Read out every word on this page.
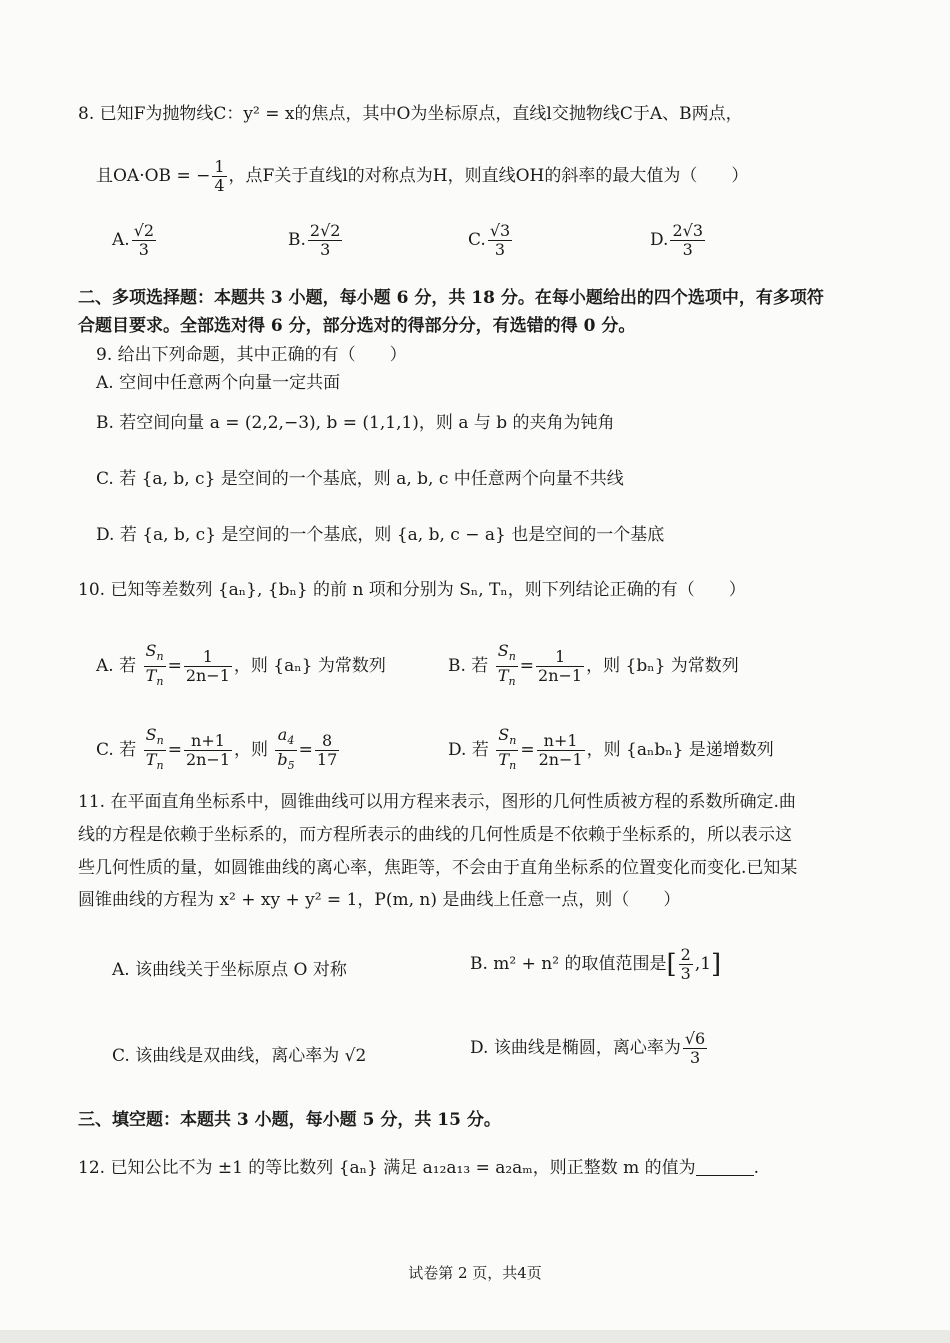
8. 已知F为抛物线C：y² = x的焦点，其中O为坐标原点，直线l交抛物线C于A、B两点，
且OA·OB = − $\frac{1}{4}$ ，点F关于直线l的对称点为H，则直线OH的斜率的最大值为（　　）
A. $\frac{√2}{3}$	B. $\frac{2√2}{3}$	C. $\frac{√3}{3}$	D. $\frac{2√3}{3}$
二、多项选择题：本题共 3 小题，每小题 6 分，共 18 分。在每小题给出的四个选项中，有多项符
合题目要求。全部选对得 6 分，部分选对的得部分分，有选错的得 0 分。
9. 给出下列命题，其中正确的有（　　）
A. 空间中任意两个向量一定共面
B. 若空间向量 a = (2,2,−3), b = (1,1,1)，则 a 与 b 的夹角为钝角
C. 若 {a, b, c} 是空间的一个基底，则 a, b, c 中任意两个向量不共线
D. 若 {a, b, c} 是空间的一个基底，则 {a, b, c − a} 也是空间的一个基底
10. 已知等差数列 {aₙ}, {bₙ} 的前 n 项和分别为 Sₙ, Tₙ，则下列结论正确的有（　　）
A. 若 $\frac{S_n}{T_n} = \frac{1}{2n-1}$ ，则 {aₙ} 为常数列	B. 若 $\frac{S_n}{T_n} = \frac{1}{2n-1}$ ，则 {bₙ} 为常数列
C. 若 $\frac{S_n}{T_n} = \frac{n+1}{2n-1}$ ，则 $\frac{a_4}{b_5} = \frac{8}{17}$	D. 若 $\frac{S_n}{T_n} = \frac{n+1}{2n-1}$ ，则 {aₙbₙ} 是递增数列
11. 在平面直角坐标系中，圆锥曲线可以用方程来表示，图形的几何性质被方程的系数所确定.曲
线的方程是依赖于坐标系的，而方程所表示的曲线的几何性质是不依赖于坐标系的，所以表示这
些几何性质的量，如圆锥曲线的离心率，焦距等，不会由于直角坐标系的位置变化而变化.已知某
圆锥曲线的方程为 x² + xy + y² = 1，P(m, n) 是曲线上任意一点，则（　　）
A. 该曲线关于坐标原点 O 对称	B. m² + n² 的取值范围是[ $\frac{2}{3} ,1$]
C. 该曲线是双曲线，离心率为 √2	D. 该曲线是椭圆，离心率为 $\frac{√6}{3}$
三、填空题：本题共 3 小题，每小题 5 分，共 15 分。
12. 已知公比不为 ±1 的等比数列 {aₙ} 满足 a₁₂a₁₃ = a₂aₘ，则正整数 m 的值为	.
试卷第 2 页，共4页
